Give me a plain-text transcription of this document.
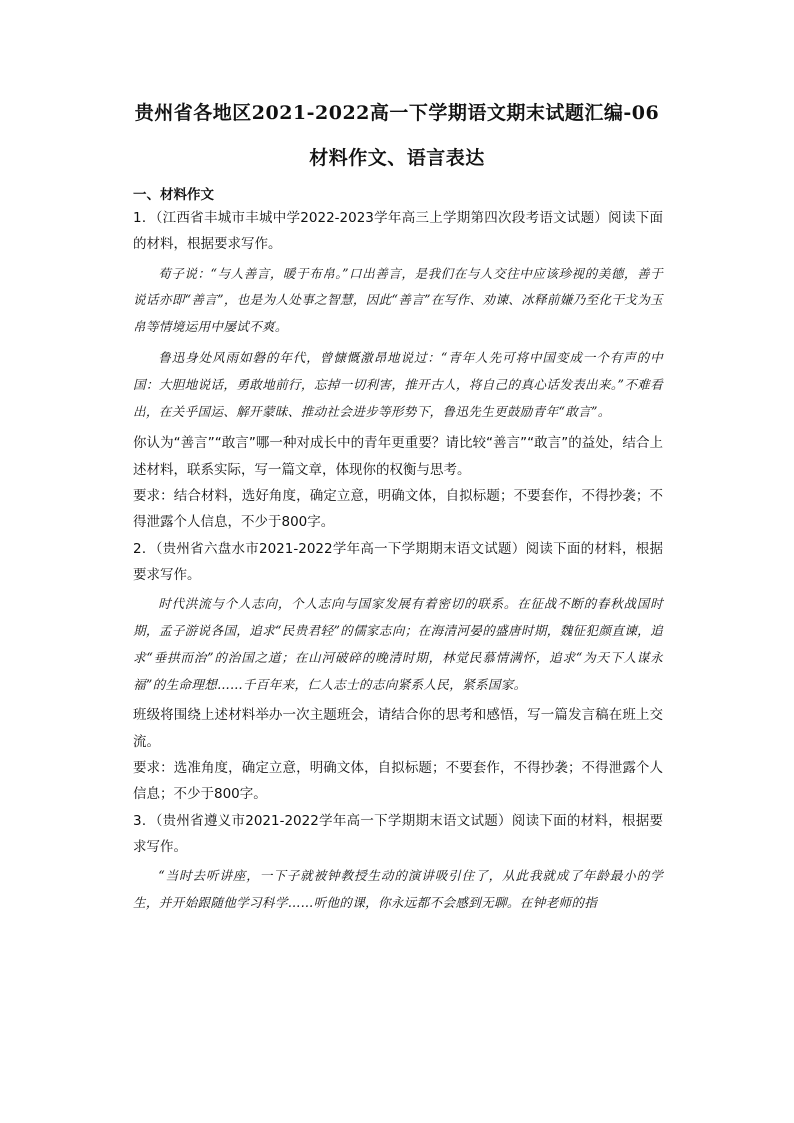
贵州省各地区2021-2022高一下学期语文期末试题汇编-06
材料作文、语言表达
一、材料作文
1．（江西省丰城市丰城中学2022-2023学年高三上学期第四次段考语文试题）阅读下面的材料，根据要求写作。
荀子说：“与人善言，暖于布帛。”口出善言，是我们在与人交往中应该珍视的美德，善于说话亦即“善言”，也是为人处事之智慧，因此“善言”在写作、劝谏、冰释前嫌乃至化干戈为玉帛等情境运用中屡试不爽。
鲁迅身处风雨如磐的年代，曾慷慨激昂地说过：“青年人先可将中国变成一个有声的中国：大胆地说话，勇敢地前行，忘掉一切利害，推开古人，将自己的真心话发表出来。”不难看出，在关乎国运、解开蒙昧、推动社会进步等形势下，鲁迅先生更鼓励青年“敢言”。
你认为“善言”“敢言”哪一种对成长中的青年更重要？请比较“善言”“敢言”的益处，结合上述材料，联系实际，写一篇文章，体现你的权衡与思考。
要求：结合材料，选好角度，确定立意，明确文体，自拟标题；不要套作，不得抄袭；不得泄露个人信息，不少于800字。
2．（贵州省六盘水市2021-2022学年高一下学期期末语文试题）阅读下面的材料，根据要求写作。
时代洪流与个人志向，个人志向与国家发展有着密切的联系。在征战不断的春秋战国时期，孟子游说各国，追求“民贵君轻”的儒家志向；在海清河晏的盛唐时期，魏征犯颜直谏，追求“垂拱而治”的治国之道；在山河破碎的晚清时期，林觉民慕情满怀，追求“为天下人谋永福”的生命理想……千百年来，仁人志士的志向紧系人民，紧系国家。
班级将围绕上述材料举办一次主题班会，请结合你的思考和感悟，写一篇发言稿在班上交流。
要求：选准角度，确定立意，明确文体，自拟标题；不要套作，不得抄袭；不得泄露个人信息；不少于800字。
3．（贵州省遵义市2021-2022学年高一下学期期末语文试题）阅读下面的材料，根据要求写作。
“当时去听讲座，一下子就被钟教授生动的演讲吸引住了，从此我就成了年龄最小的学生，并开始跟随他学习科学……听他的课，你永远都不会感到无聊。在钟老师的指
